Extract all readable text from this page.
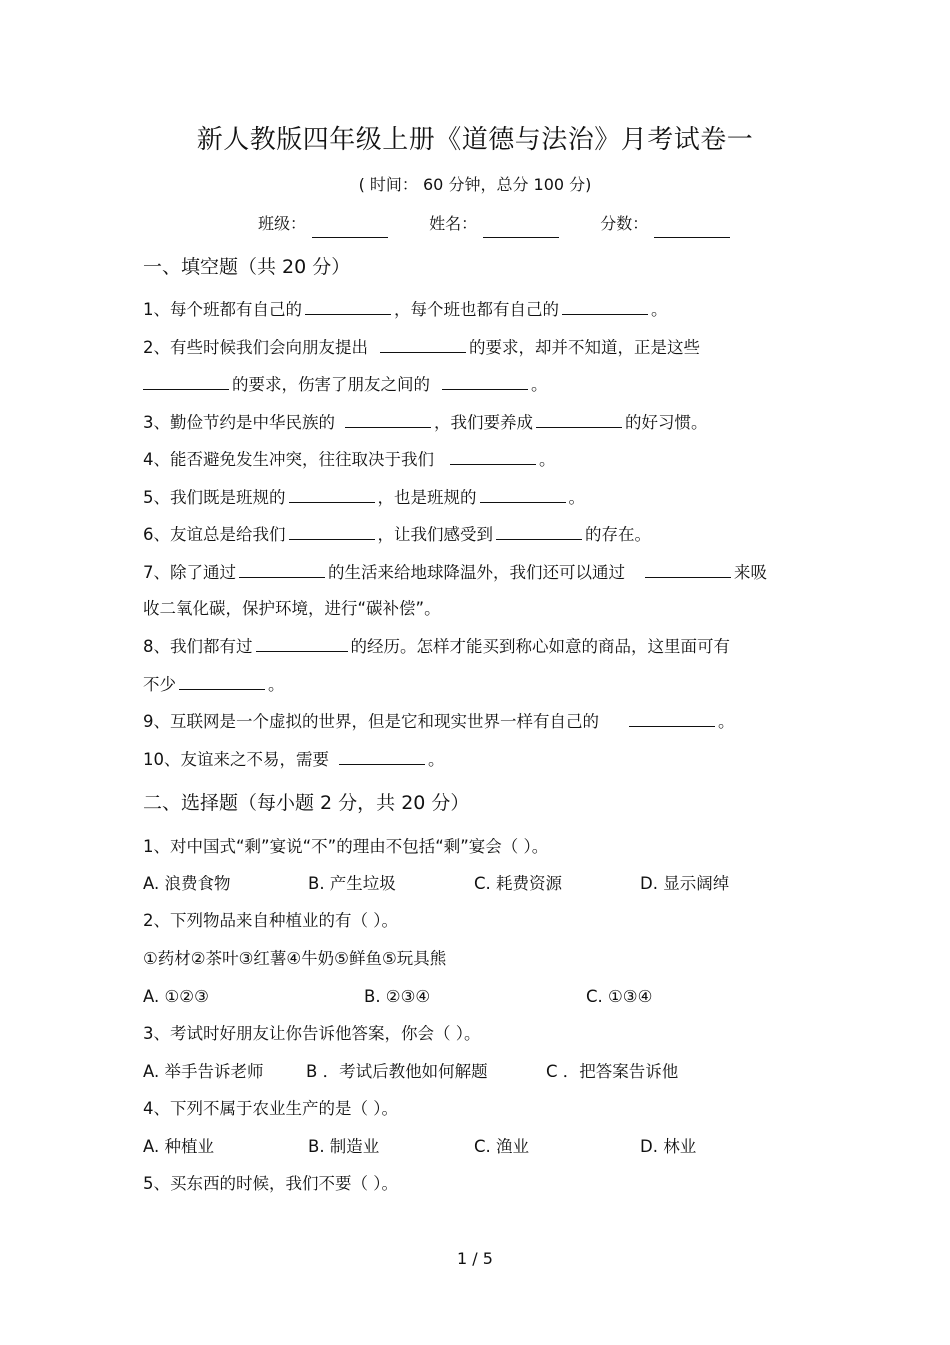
新人教版四年级上册《道德与法治》月考试卷一
( 时间： 60 分钟，总分 100 分)
班级：	姓名：	分数：
一、填空题（共 20 分）
1、每个班都有自己的	，每个班也都有自己的	。
2、有些时候我们会向朋友提出	的要求，却并不知道，正是这些
的要求，伤害了朋友之间的	。
3、勤俭节约是中华民族的	，我们要养成	的好习惯。
4、能否避免发生冲突，往往取决于我们	。
5、我们既是班规的	，也是班规的	。
6、友谊总是给我们	，让我们感受到	的存在。
7、除了通过	的生活来给地球降温外，我们还可以通过	来吸
收二氧化碳，保护环境，进行“碳补偿”。
8、我们都有过	的经历。怎样才能买到称心如意的商品，这里面可有
不少	。
9、互联网是一个虚拟的世界，但是它和现实世界一样有自己的	。
10、友谊来之不易，需要	。
二、选择题（每小题 2 分，共 20 分）
1、对中国式“剩”宴说“不”的理由不包括“剩”宴会（ ）。
A. 浪费食物	B. 产生垃圾	C. 耗费资源	D. 显示阔绰
2、下列物品来自种植业的有（ ）。
①药材②茶叶③红薯④牛奶⑤鲜鱼⑤玩具熊
A. ①②③	B. ②③④	C. ①③④
3、考试时好朋友让你告诉他答案，你会（ ）。
A. 举手告诉老师	B ．考试后教他如何解题	C ．把答案告诉他
4、下列不属于农业生产的是（ ）。
A. 种植业	B. 制造业	C. 渔业	D. 林业
5、买东西的时候，我们不要（ ）。
1 / 5
